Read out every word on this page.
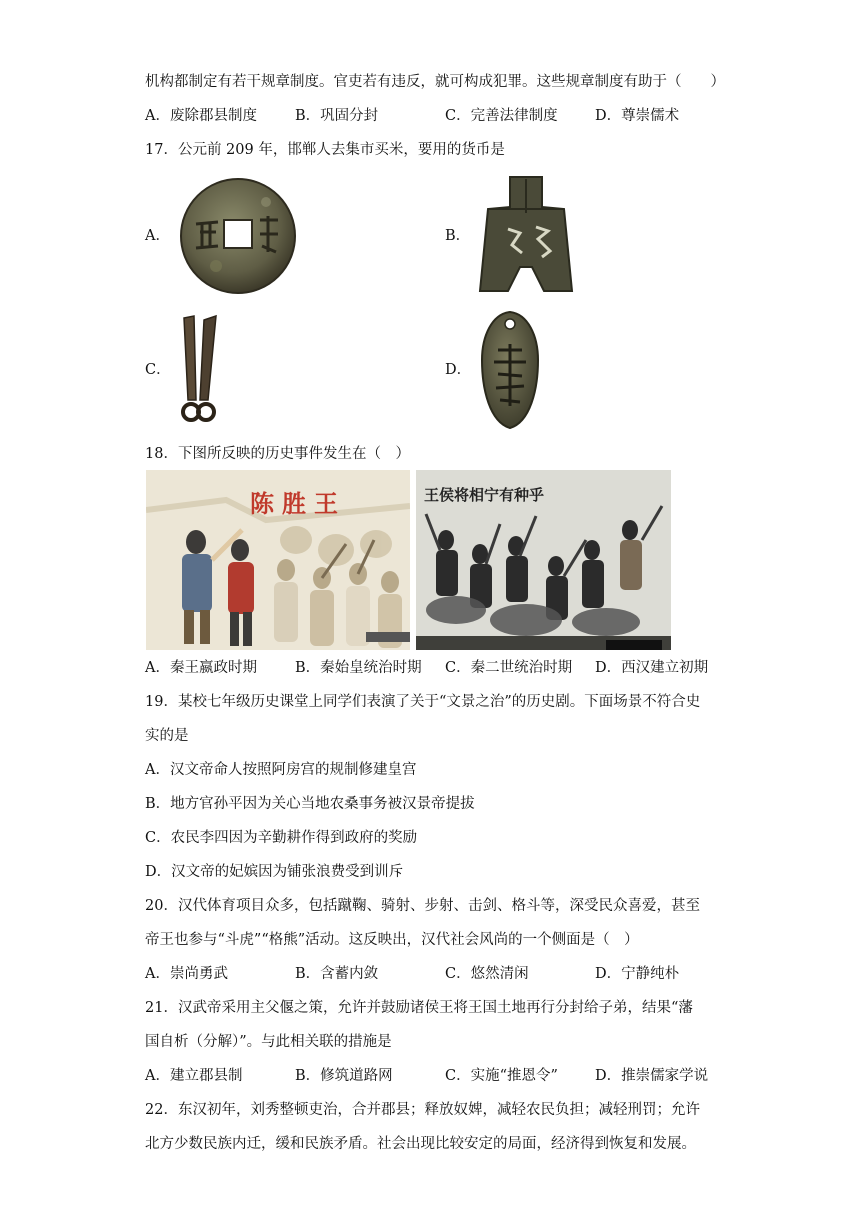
机构都制定有若干规章制度。官吏若有违反，就可构成犯罪。这些规章制度有助于（　　）
A．废除郡县制度	B．巩固分封	C．完善法律制度	D．尊崇儒术
17．公元前 209 年，邯郸人去集市买米，要用的货币是
A．	B．
C．	D．
18．下图所反映的历史事件发生在（　）
陈胜王	王侯将相宁有种乎
A．秦王嬴政时期	B．秦始皇统治时期 C．秦二世统治时期 D．西汉建立初期
19．某校七年级历史课堂上同学们表演了关于“文景之治”的历史剧。下面场景不符合史
实的是
A．汉文帝命人按照阿房宫的规制修建皇宫
B．地方官孙平因为关心当地农桑事务被汉景帝提拔
C．农民李四因为辛勤耕作得到政府的奖励
D．汉文帝的妃嫔因为铺张浪费受到训斥
20．汉代体育项目众多，包括蹴鞠、骑射、步射、击剑、格斗等，深受民众喜爱，甚至
帝王也参与“斗虎”“格熊”活动。这反映出，汉代社会风尚的一个侧面是（　）
A．崇尚勇武	B．含蓄内敛	C．悠然清闲	D．宁静纯朴
21．汉武帝采用主父偃之策，允许并鼓励诸侯王将王国土地再行分封给子弟，结果“藩
国自析（分解）”。与此相关联的措施是
A．建立郡县制	B．修筑道路网	C．实施“推恩令”	D．推崇儒家学说
22．东汉初年，刘秀整顿吏治，合并郡县；释放奴婢，减轻农民负担；减轻刑罚；允许
北方少数民族内迁，缓和民族矛盾。社会出现比较安定的局面，经济得到恢复和发展。
